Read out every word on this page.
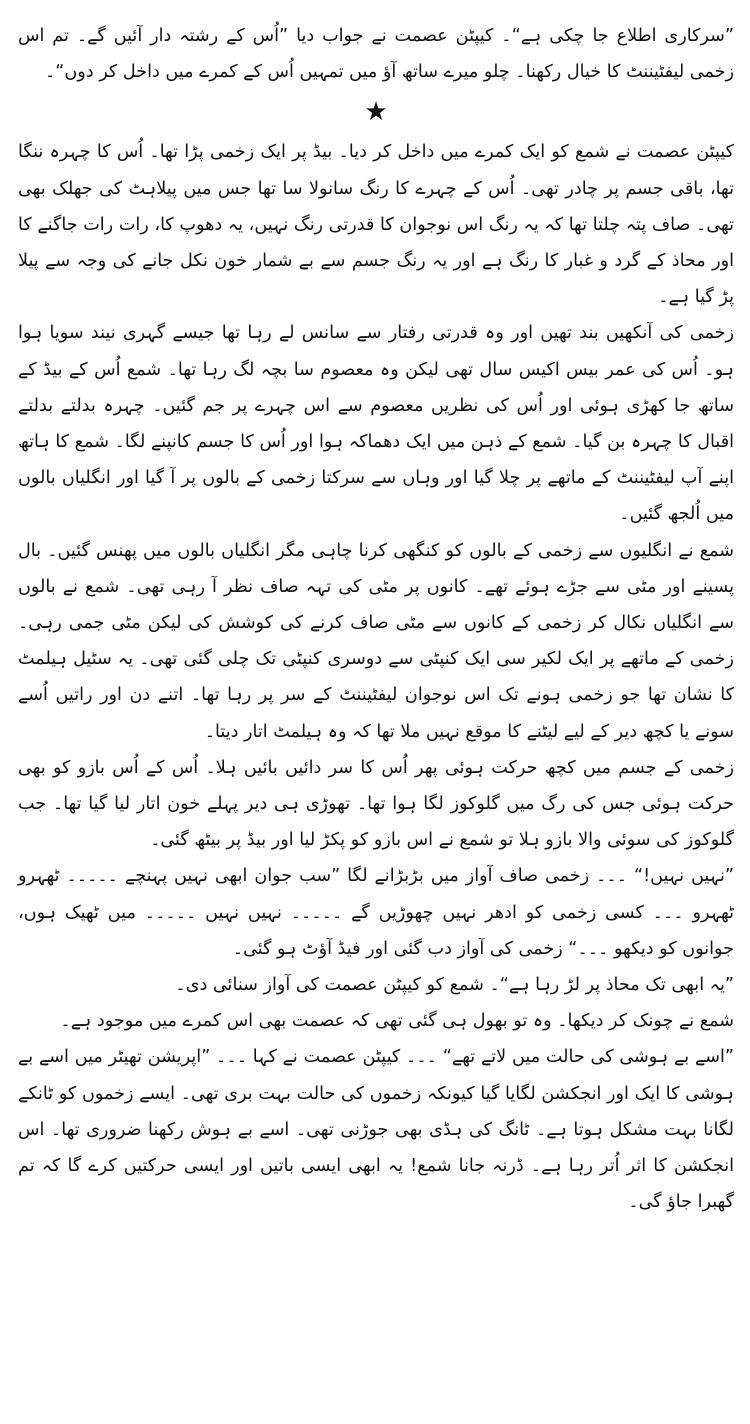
”سرکاری اطلاع جا چکی ہے“۔ کیپٹن عصمت نے جواب دیا ”اُس کے رشتہ دار آئیں گے۔ تم اس زخمی لیفٹیننٹ کا خیال رکھنا۔ چلو میرے ساتھ آؤ میں تمہیں اُس کے کمرے میں داخل کر دوں“۔

★

کیپٹن عصمت نے شمع کو ایک کمرے میں داخل کر دیا۔ بیڈ پر ایک زخمی پڑا تھا۔ اُس کا چہرہ ننگا تھا، باقی جسم پر چادر تھی۔ اُس کے چہرے کا رنگ سانولا سا تھا جس میں پیلاہٹ کی جھلک بھی تھی۔ صاف پتہ چلتا تھا کہ یہ رنگ اس نوجوان کا قدرتی رنگ نہیں، یہ دھوپ کا، رات رات جاگنے کا اور محاذ کے گرد و غبار کا رنگ ہے اور یہ رنگ جسم سے بے شمار خون نکل جانے کی وجہ سے پیلا پڑ گیا ہے۔

زخمی کی آنکھیں بند تھیں اور وہ قدرتی رفتار سے سانس لے رہا تھا جیسے گہری نیند سویا ہوا ہو۔ اُس کی عمر بیس اکیس سال تھی لیکن وہ معصوم سا بچہ لگ رہا تھا۔ شمع اُس کے بیڈ کے ساتھ جا کھڑی ہوئی اور اُس کی نظریں معصوم سے اس چہرے پر جم گئیں۔ چہرہ بدلتے بدلتے اقبال کا چہرہ بن گیا۔ شمع کے ذہن میں ایک دھماکہ ہوا اور اُس کا جسم کانپنے لگا۔ شمع کا ہاتھ اپنے آپ لیفٹیننٹ کے ماتھے پر چلا گیا اور وہاں سے سرکتا زخمی کے بالوں پر آ گیا اور انگلیاں بالوں میں اُلجھ گئیں۔

شمع نے انگلیوں سے زخمی کے بالوں کو کنگھی کرنا چاہی مگر انگلیاں بالوں میں پھنس گئیں۔ بال پسینے اور مٹی سے جڑے ہوئے تھے۔ کانوں پر مٹی کی تہہ صاف نظر آ رہی تھی۔ شمع نے بالوں سے انگلیاں نکال کر زخمی کے کانوں سے مٹی صاف کرنے کی کوشش کی لیکن مٹی جمی رہی۔ زخمی کے ماتھے پر ایک لکیر سی ایک کنپٹی سے دوسری کنپٹی تک چلی گئی تھی۔ یہ سٹیل ہیلمٹ کا نشان تھا جو زخمی ہونے تک اس نوجوان لیفٹیننٹ کے سر پر رہا تھا۔ اتنے دن اور راتیں اُسے سونے یا کچھ دیر کے لیے لیٹنے کا موقع نہیں ملا تھا کہ وہ ہیلمٹ اتار دیتا۔

زخمی کے جسم میں کچھ حرکت ہوئی پھر اُس کا سر دائیں بائیں ہلا۔ اُس کے اُس بازو کو بھی حرکت ہوئی جس کی رگ میں گلوکوز لگا ہوا تھا۔ تھوڑی ہی دیر پہلے خون اتار لیا گیا تھا۔ جب گلوکوز کی سوئی والا بازو ہلا تو شمع نے اس بازو کو پکڑ لیا اور بیڈ پر بیٹھ گئی۔

”نہیں نہیں!“ ۔۔۔ زخمی صاف آواز میں بڑبڑانے لگا ”سب جوان ابھی نہیں پہنچے ۔۔۔۔۔ ٹھہرو ٹھہرو ۔۔۔ کسی زخمی کو ادھر نہیں چھوڑیں گے ۔۔۔۔۔ نہیں نہیں ۔۔۔۔۔ میں ٹھیک ہوں، جوانوں کو دیکھو ۔۔۔“ زخمی کی آواز دب گئی اور فیڈ آؤٹ ہو گئی۔

”یہ ابھی تک محاذ پر لڑ رہا ہے“۔ شمع کو کیپٹن عصمت کی آواز سنائی دی۔

شمع نے چونک کر دیکھا۔ وہ تو بھول ہی گئی تھی کہ عصمت بھی اس کمرے میں موجود ہے۔

”اسے بے ہوشی کی حالت میں لاتے تھے“ ۔۔۔ کیپٹن عصمت نے کہا ۔۔۔ ”اپریشن تھیٹر میں اسے بے ہوشی کا ایک اور انجکشن لگایا گیا کیونکہ زخموں کی حالت بہت بری تھی۔ ایسے زخموں کو ٹانکے لگانا بہت مشکل ہوتا ہے۔ ٹانگ کی ہڈی بھی جوڑنی تھی۔ اسے بے ہوش رکھنا ضروری تھا۔ اس انجکشن کا اثر اُتر رہا ہے۔ ڈرنہ جانا شمع! یہ ابھی ایسی باتیں اور ایسی حرکتیں کرے گا کہ تم گھبرا جاؤ گی۔
